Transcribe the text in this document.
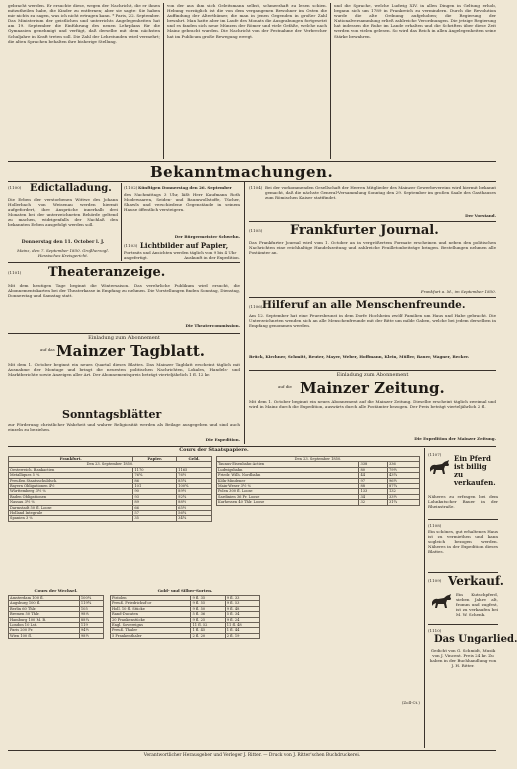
gebracht werden. Er ersuchte diese, wegen der Nachricht, die er ihnen mitzutheilen habe, die Kinder zu entfernen; aber sie sagte: Sie haben mir nichts zu sagen, was ich nicht ertragen kann. * Paris, 22. September. Das Ministerium der geistlichen und unterrichts Angelegenheiten hat am 19. September die Einführung des neuen Lehrplans für die Gymnasien genehmigt und verfügt, daß derselbe mit dem nächsten Schuljahre in Kraft treten soll. Die Zahl der Lehrstunden wird vermehrt; die alten Sprachen behalten ihre bisherige Stellung.
von der aus ihm sich Geleitsmann selbst, schmerzhaft zu lesen schien. Hebung vorzüglich ist die von dem vergangenen Bewohner im Osten die Auffindung der Alterthümer, die man in jenen Gegenden in großer Zahl bewahrt. Man hatte aber im Laufe des Monats die Ausgrabungen fortgesetzt und es fanden sich neue Münzen der Römer und viele Gefäße, welche nach Mainz gebracht wurden. Die Nachricht von der Festnahme der Verbrecher hat im Publicum große Bewegung erregt.
und die Sprache, welche Ludwig XIV. in allen Dingen in Geltung erhob, begann sich um 1789 in Frankreich zu vermindern. Durch die Revolution wurde die alte Ordnung aufgehoben; die Regierung der Nationalversammlung erließ zahlreiche Verordnungen. Die jetzige Regierung hat indessen die Ruhe im Lande erhalten und die Schriften über diese Zeit werden von vielen gelesen. So wird das Reich in allen Angelegenheiten seine Stärke bewahren.
Bekanntmachungen.
(1100) Edictalladung.
Die Erben der verstorbenen Wittwe des Johann Hollerbach von Weisenau werden hiermit aufgefordert, ihre Ansprüche innerhalb drei Monaten bei der unterzeichneten Behörde geltend zu machen, widrigenfalls der Nachlaß den bekannten Erben ausgefolgt werden soll.
Donnerstag den 11. October l. J.
Mainz, den 7. September 1850. Großherzogl. Hessisches Kreisgericht.
(1101) Theateranzeige.
Mit dem heutigen Tage beginnt die Wintersaison. Das verehrliche Publikum wird ersucht, die Abonnementskarten bei der Theaterkasse in Empfang zu nehmen. Die Vorstellungen finden Sonntag, Dienstag, Donnerstag und Samstag statt.
Die Theatercommission.
(1102) Künftigen Donnerstag den 26. September
des Nachmittags 3 Uhr, läßt Herr Kaufmann Roth Modewaaren, Seiden- und Baumwollstoffe, Tücher, Shawls und verschiedene Gegenstände in seinem Hause öffentlich versteigern.
Der Bürgermeister Schwehn.
(1103) Lichtbilder auf Papier,
Portraits und Ansichten werden täglich von 9 bis 4 Uhr angefertigt.	Auskunft in der Expedition.
Einladung zum Abonnement
auf das Mainzer Tagblatt.
Mit dem 1. October beginnt ein neues Quartal dieses Blattes. Das Mainzer Tagblatt erscheint täglich mit Ausnahme der Montage und bringt die neuesten politischen Nachrichten, Lokales, Handels- und Marktberichte sowie Anzeigen aller Art. Der Abonnementspreis beträgt vierteljährlich 1 fl. 12 kr.
Sonntagsblätter
zur Förderung christlicher Wahrheit und wahrer Religiosität werden als Beilage ausgegeben und sind auch einzeln zu beziehen.
Die Expedition.
(1104) Bei der vorkommenden Gesellschaft der Herren Mitglieder des Mainzer Gewerbevereins wird hiermit bekannt gemacht, daß die nächste General-Versammlung Sonntag den 29. September im großen Saale des Gasthauses zum Römischen Kaiser stattfindet.
Der Vorstand.
(1105) Frankfurter Journal.
Das Frankfurter Journal wird vom 1. October an in vergrößertem Formate erscheinen und neben den politischen Nachrichten eine reichhaltige Handelszeitung und zahlreiche Feuilletonbeiträge bringen. Bestellungen nehmen alle Postämter an.
Frankfurt a. M., im September 1850.
(1106) Hilferuf an alle Menschenfreunde.
Am 12. September hat eine Feuersbrunst in dem Dorfe Hochheim zwölf Familien um Haus und Habe gebracht. Die Unterzeichneten wenden sich an alle Menschenfreunde mit der Bitte um milde Gaben, welche bei jedem derselben in Empfang genommen werden.
Brück, Kirchner, Schmitt, Reuter, Mayer, Weber, Hoffmann, Klein, Müller, Bauer, Wagner, Becker.
Einladung zum Abonnement
auf die Mainzer Zeitung.
Mit dem 1. October beginnt ein neues Abonnement auf die Mainzer Zeitung. Dieselbe erscheint täglich zweimal und wird in Mainz durch die Expedition, auswärts durch alle Postämter bezogen. Der Preis beträgt vierteljährlich 2 fl.
Die Expedition der Mainzer Zeitung.
Cours der Staatspapiere.
Frankfurt.	Papier.	Geld.
Den 23. September 1850.		
Oesterreich. Bankactien	1170	1165
Metalliques 5 %	76¾	76½
Preußen Staatsschuldsch.	86	85¾
Bayern Obligationen 4½	101	100¾
Württemberg 3½ %	90	89½
Baden Obligationen	93	92¾
Nassau 3½ %	89	88½
Darmstadt 50 fl. Loose	66	65½
Holland Integrale	57	56¾
Spanien 3 %	35	34¾
Den 23. September 1850.		
Taunus-Eisenbahn-Actien	338	336
Ludwigsbahn	80	79½
Friedr. Wilh. Nordbahn	44	43¾
Köln-Mindener	97	96½
Main-Weser 3½ %	88	87¾
Polen 300 fl. Loose	133	132
Sardinien 36 Fr. Loose	34	33½
Kurhessen 40 Thlr. Loose	32	31¾
Cours der Wechsel.
Amsterdam 100 fl.	100¼
Augsburg 100 fl.	119¾
Berlin 60 Thlr.	105
Bremen 50 Thlr.	98⅛
Hamburg 100 M. B.	88¼
London 10 Lst.	119
Paris 200 Fr.	94½
Wien 100 fl.	98½
Gold- und Silber-Sorten.
Pistolen	9 fl. 35	9 fl. 33
Preuß. Friedrichsd'or	9 fl. 55	9 fl. 53
Holl. 10 fl. Stücke	9 fl. 50	9 fl. 48
Rand-Ducaten	5 fl. 36	5 fl. 34
20 Frankenstücke	9 fl. 25	9 fl. 24
Engl. Sovereigns	11 fl. 52	11 fl. 48
Preuß. Thaler	1 fl. 45	1 fl. 44
5 Frankenthaler	2 fl. 20	2 fl. 19
(Zoll-Ct.)
(1107)	Ein Pferd ist billig zu verkaufen.
Näheres zu erfragen bei dem Lohnkutscher Bauer in der Rheinstraße.
(1108)
Ein schönes, gut erhaltenes Haus ist zu vermiethen und kann sogleich bezogen werden. Näheres in der Expedition dieses Blattes.
(1109) Verkauf.
Ein Kutschpferd, sieben Jahre alt, fromm und zugfest, ist zu verkaufen bei M. W. Schenk.
(1110)
Das Ungarlied.
Gedicht von G. Schmidt, Musik von J. Vincent. Preis 24 kr. Zu haben in der Buchhandlung von J. H. Ritter.
Verantwortlicher Herausgeber und Verleger J. Ritter. — Druck von J. Ritter'schen Buchdruckerei.
